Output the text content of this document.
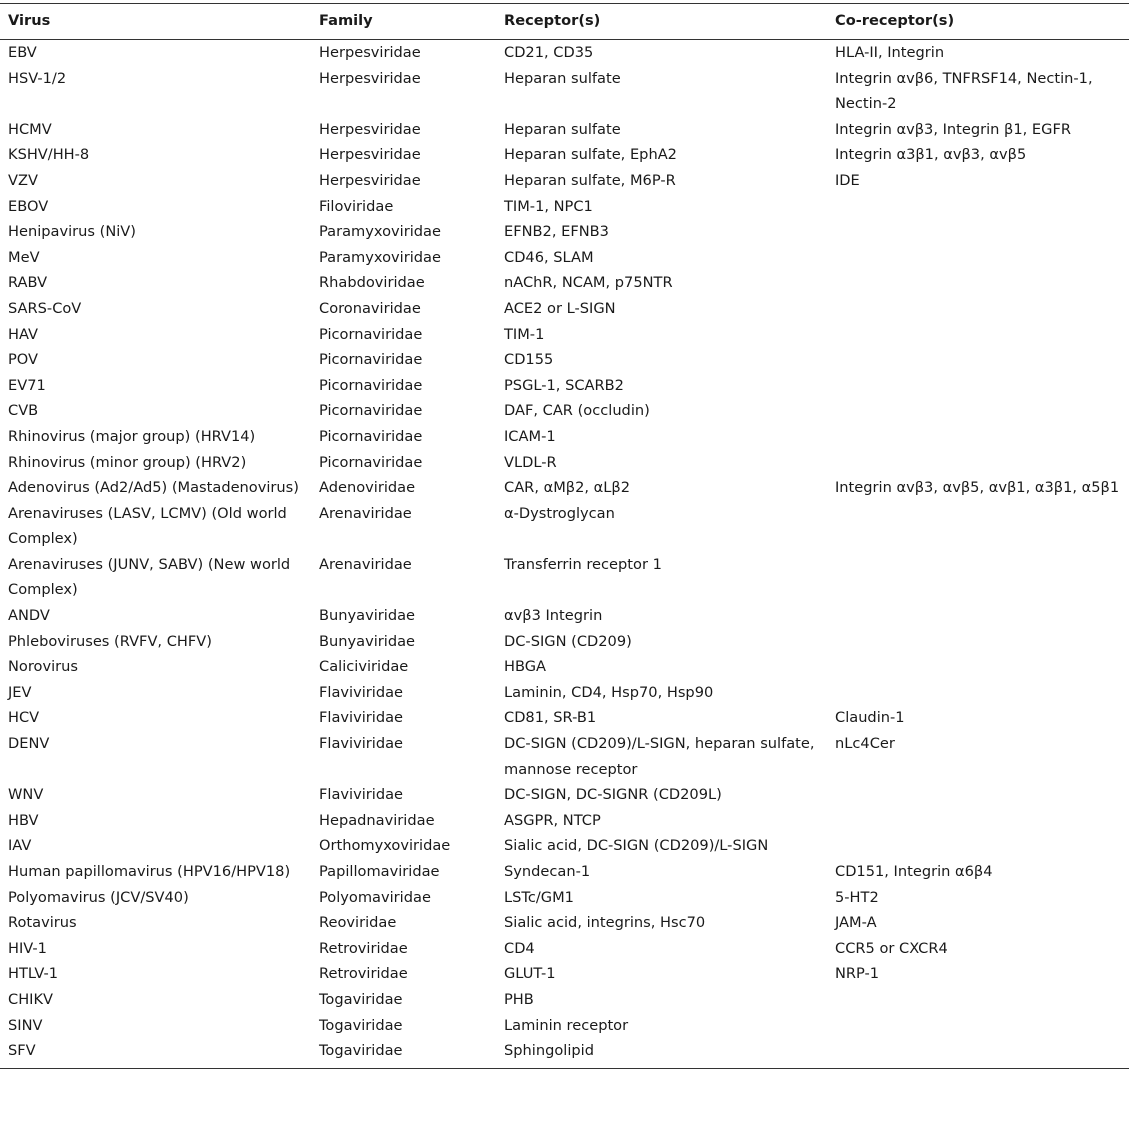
Virus	Family	Receptor(s)	Co-receptor(s)
EBV	Herpesviridae	CD21, CD35	HLA-II, Integrin
HSV-1/2	Herpesviridae	Heparan sulfate	Integrin αvβ6, TNFRSF14, Nectin-1, Nectin-2
HCMV	Herpesviridae	Heparan sulfate	Integrin αvβ3, Integrin β1, EGFR
KSHV/HH-8	Herpesviridae	Heparan sulfate, EphA2	Integrin α3β1, αvβ3, αvβ5
VZV	Herpesviridae	Heparan sulfate, M6P-R	IDE
EBOV	Filoviridae	TIM-1, NPC1	
Henipavirus (NiV)	Paramyxoviridae	EFNB2, EFNB3	
MeV	Paramyxoviridae	CD46, SLAM	
RABV	Rhabdoviridae	nAChR, NCAM, p75NTR	
SARS-CoV	Coronaviridae	ACE2 or L-SIGN	
HAV	Picornaviridae	TIM-1	
POV	Picornaviridae	CD155	
EV71	Picornaviridae	PSGL-1, SCARB2	
CVB	Picornaviridae	DAF, CAR (occludin)	
Rhinovirus (major group) (HRV14)	Picornaviridae	ICAM-1	
Rhinovirus (minor group) (HRV2)	Picornaviridae	VLDL-R	
Adenovirus (Ad2/Ad5) (Mastadenovirus)	Adenoviridae	CAR, αMβ2, αLβ2	Integrin αvβ3, αvβ5, αvβ1, α3β1, α5β1
Arenaviruses (LASV, LCMV) (Old world Complex)	Arenaviridae	α-Dystroglycan	
Arenaviruses (JUNV, SABV) (New world Complex)	Arenaviridae	Transferrin receptor 1	
ANDV	Bunyaviridae	αvβ3 Integrin	
Phleboviruses (RVFV, CHFV)	Bunyaviridae	DC-SIGN (CD209)	
Norovirus	Caliciviridae	HBGA	
JEV	Flaviviridae	Laminin, CD4, Hsp70, Hsp90	
HCV	Flaviviridae	CD81, SR-B1	Claudin-1
DENV	Flaviviridae	DC-SIGN (CD209)/L-SIGN, heparan sulfate, mannose receptor	nLc4Cer
WNV	Flaviviridae	DC-SIGN, DC-SIGNR (CD209L)	
HBV	Hepadnaviridae	ASGPR, NTCP	
IAV	Orthomyxoviridae	Sialic acid, DC-SIGN (CD209)/L-SIGN	
Human papillomavirus (HPV16/HPV18)	Papillomaviridae	Syndecan-1	CD151, Integrin α6β4
Polyomavirus (JCV/SV40)	Polyomaviridae	LSTc/GM1	5-HT2
Rotavirus	Reoviridae	Sialic acid, integrins, Hsc70	JAM-A
HIV-1	Retroviridae	CD4	CCR5 or CXCR4
HTLV-1	Retroviridae	GLUT-1	NRP-1
CHIKV	Togaviridae	PHB	
SINV	Togaviridae	Laminin receptor	
SFV	Togaviridae	Sphingolipid	
